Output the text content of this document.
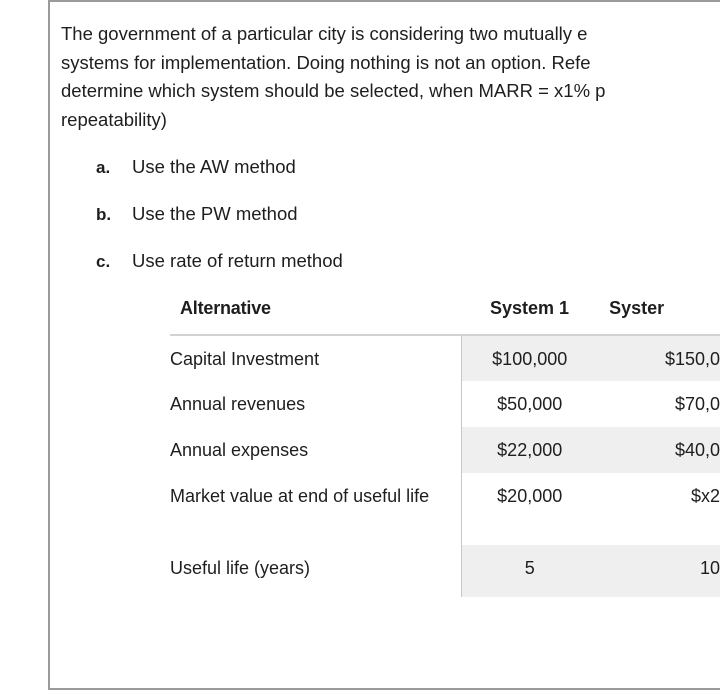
The government of a particular city is considering two mutually e
systems for implementation. Doing nothing is not an option. Refe
determine which system should be selected, when MARR = x1% p
repeatability)
a. Use the AW method
b. Use the PW method
c. Use rate of return method
Alternative	System 1	Syster
Capital Investment	$100,000	$150,0
Annual revenues	$50,000	$70,0
Annual expenses	$22,000	$40,0
Market value at end of useful life	$20,000	$x2
Useful life (years)	5	10
